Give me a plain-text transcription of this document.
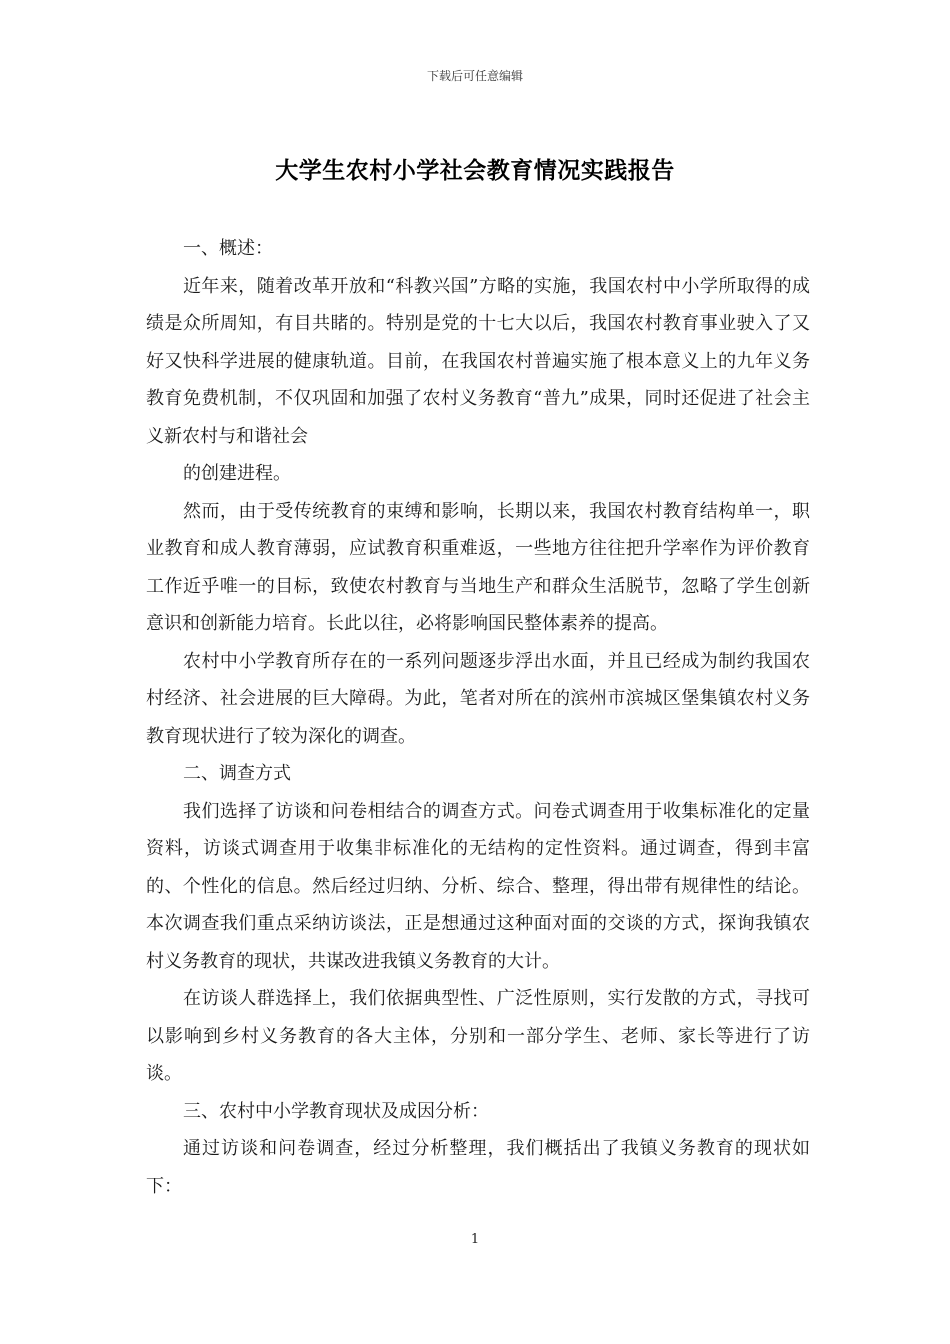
下载后可任意编辑
大学生农村小学社会教育情况实践报告

一、概述：

近年来，随着改革开放和“科教兴国”方略的实施，我国农村中小学所取得的成绩是众所周知，有目共睹的。特别是党的十七大以后，我国农村教育事业驶入了又好又快科学进展的健康轨道。目前，在我国农村普遍实施了根本意义上的九年义务教育免费机制，不仅巩固和加强了农村义务教育“普九”成果，同时还促进了社会主义新农村与和谐社会

的创建进程。

然而，由于受传统教育的束缚和影响，长期以来，我国农村教育结构单一，职业教育和成人教育薄弱，应试教育积重难返，一些地方往往把升学率作为评价教育工作近乎唯一的目标，致使农村教育与当地生产和群众生活脱节，忽略了学生创新意识和创新能力培育。长此以往，必将影响国民整体素养的提高。

农村中小学教育所存在的一系列问题逐步浮出水面，并且已经成为制约我国农村经济、社会进展的巨大障碍。为此，笔者对所在的滨州市滨城区堡集镇农村义务教育现状进行了较为深化的调查。

二、调查方式

我们选择了访谈和问卷相结合的调查方式。问卷式调查用于收集标准化的定量资料，访谈式调查用于收集非标准化的无结构的定性资料。通过调查，得到丰富的、个性化的信息。然后经过归纳、分析、综合、整理，得出带有规律性的结论。本次调查我们重点采纳访谈法，正是想通过这种面对面的交谈的方式，探询我镇农村义务教育的现状，共谋改进我镇义务教育的大计。

在访谈人群选择上，我们依据典型性、广泛性原则，实行发散的方式，寻找可以影响到乡村义务教育的各大主体，分别和一部分学生、老师、家长等进行了访谈。

三、农村中小学教育现状及成因分析：

通过访谈和问卷调查，经过分析整理，我们概括出了我镇义务教育的现状如下：

1
